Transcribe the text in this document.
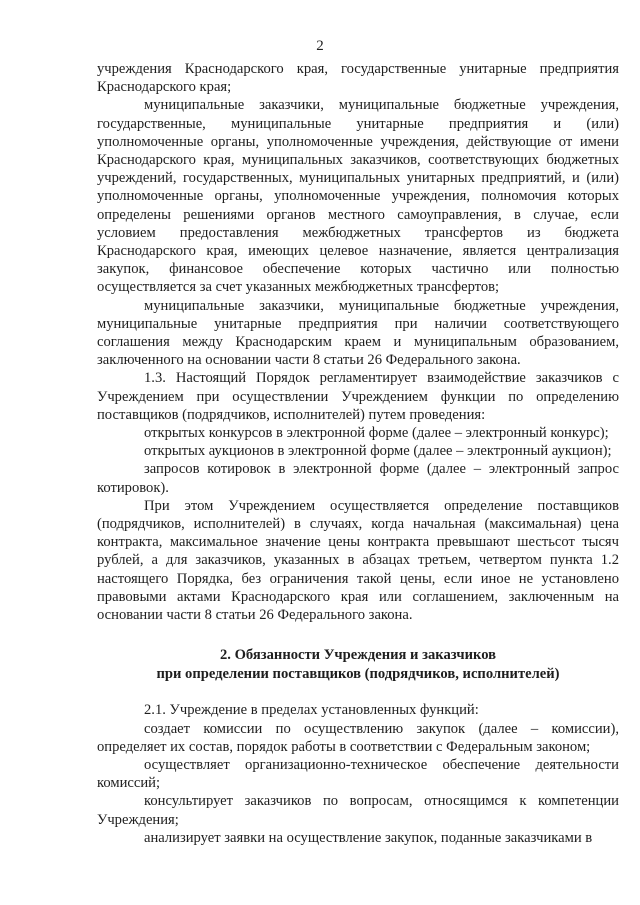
2

учреждения Краснодарского края, государственные унитарные предприятия Краснодарского края;

муниципальные заказчики, муниципальные бюджетные учреждения, государственные, муниципальные унитарные предприятия и (или) уполномоченные органы, уполномоченные учреждения, действующие от имени Краснодарского края, муниципальных заказчиков, соответствующих бюджетных учреждений, государственных, муниципальных унитарных предприятий, и (или) уполномоченные органы, уполномоченные учреждения, полномочия которых определены решениями органов местного самоуправления, в случае, если условием предоставления межбюджетных трансфертов из бюджета Краснодарского края, имеющих целевое назначение, является централизация закупок, финансовое обеспечение которых частично или полностью осуществляется за счет указанных межбюджетных трансфертов;

муниципальные заказчики, муниципальные бюджетные учреждения, муниципальные унитарные предприятия при наличии соответствующего соглашения между Краснодарским краем и муниципальным образованием, заключенного на основании части 8 статьи 26 Федерального закона.

1.3. Настоящий Порядок регламентирует взаимодействие заказчиков с Учреждением при осуществлении Учреждением функции по определению поставщиков (подрядчиков, исполнителей) путем проведения:

открытых конкурсов в электронной форме (далее – электронный конкурс);

открытых аукционов в электронной форме (далее – электронный аукцион);

запросов котировок в электронной форме (далее – электронный запрос котировок).

При этом Учреждением осуществляется определение поставщиков (подрядчиков, исполнителей) в случаях, когда начальная (максимальная) цена контракта, максимальное значение цены контракта превышают шестьсот тысяч рублей, а для заказчиков, указанных в абзацах третьем, четвертом пункта 1.2 настоящего Порядка, без ограничения такой цены, если иное не установлено правовыми актами Краснодарского края или соглашением, заключенным на основании части 8 статьи 26 Федерального закона.

2. Обязанности Учреждения и заказчиков
при определении поставщиков (подрядчиков, исполнителей)

2.1. Учреждение в пределах установленных функций:

создает комиссии по осуществлению закупок (далее – комиссии), определяет их состав, порядок работы в соответствии с Федеральным законом;

осуществляет организационно-техническое обеспечение деятельности комиссий;

консультирует заказчиков по вопросам, относящимся к компетенции Учреждения;

анализирует заявки на осуществление закупок, поданные заказчиками в
